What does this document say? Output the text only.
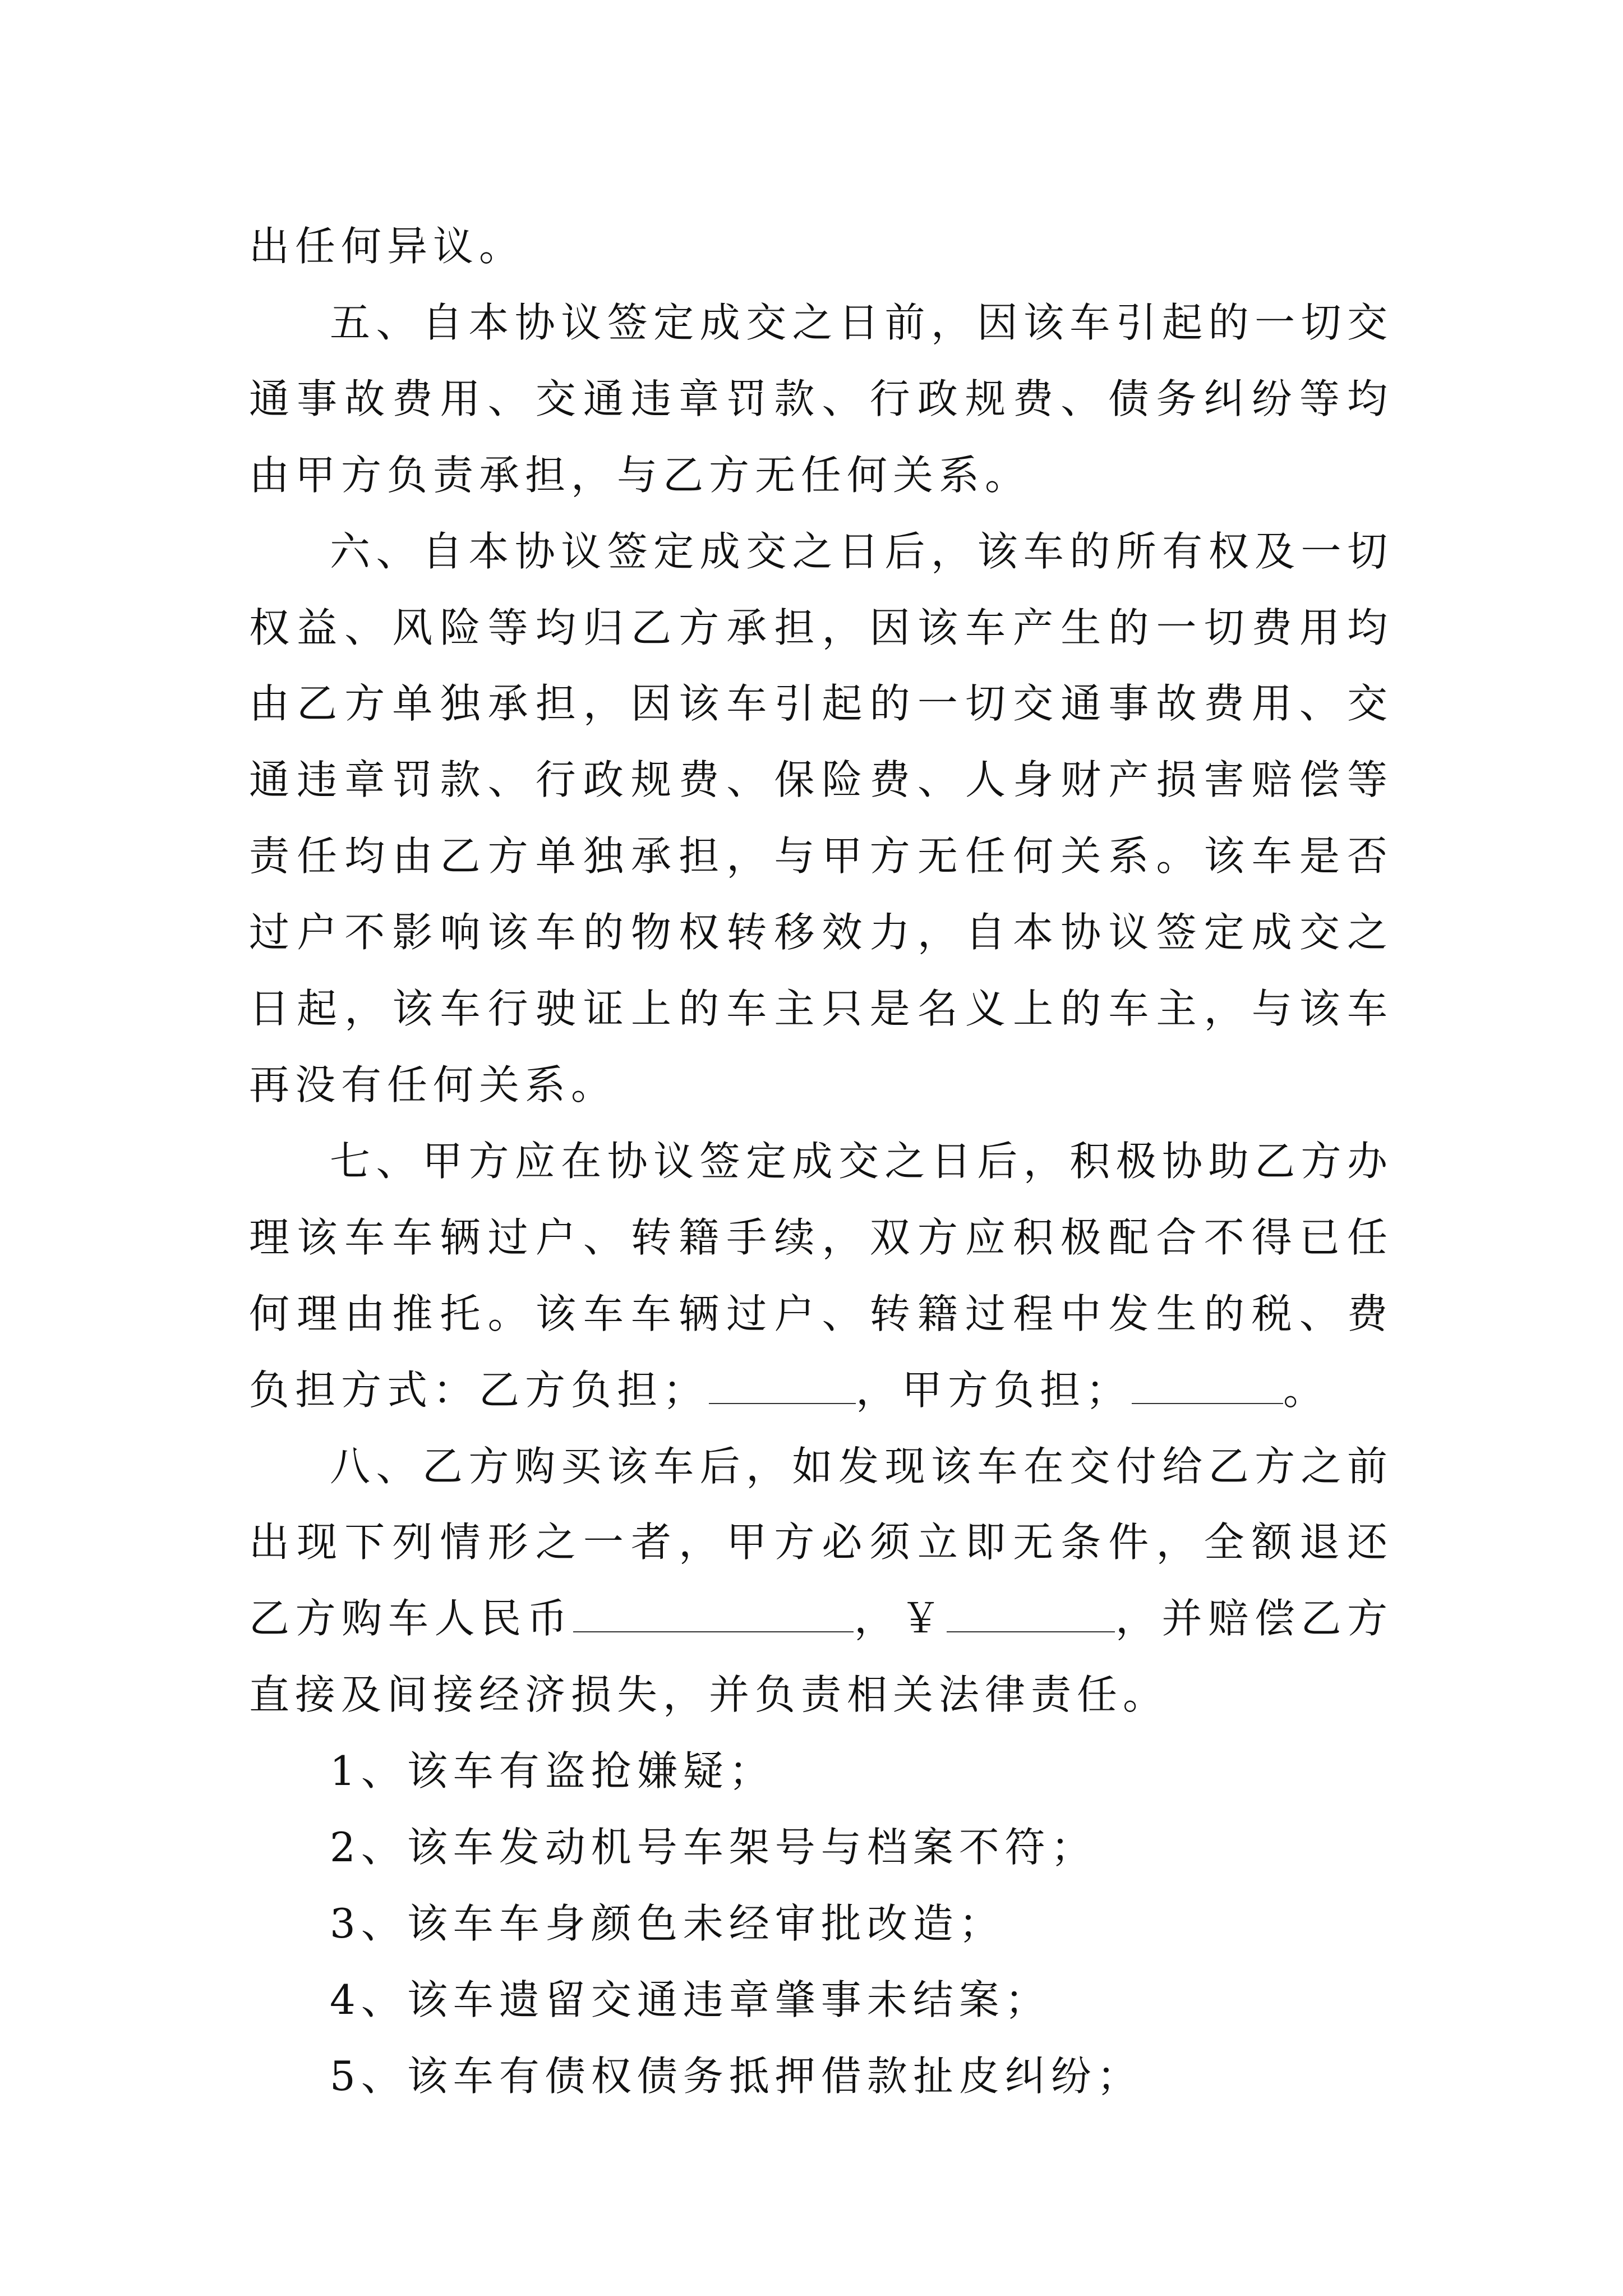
出任何异议。

五、自本协议签定成交之日前，因该车引起的一切交通事故费用、交通违章罚款、行政规费、债务纠纷等均由甲方负责承担，与乙方无任何关系。

六、自本协议签定成交之日后，该车的所有权及一切权益、风险等均归乙方承担，因该车产生的一切费用均由乙方单独承担，因该车引起的一切交通事故费用、交通违章罚款、行政规费、保险费、人身财产损害赔偿等责任均由乙方单独承担，与甲方无任何关系。该车是否过户不影响该车的物权转移效力，自本协议签定成交之日起，该车行驶证上的车主只是名义上的车主，与该车再没有任何关系。

七、甲方应在协议签定成交之日后，积极协助乙方办理该车车辆过户、转籍手续，双方应积极配合不得已任何理由推托。该车车辆过户、转籍过程中发生的税、费负担方式：乙方负担；	，甲方负担；	。

八、乙方购买该车后，如发现该车在交付给乙方之前出现下列情形之一者，甲方必须立即无条件，全额退还乙方购车人民币	，￥	，并赔偿乙方直接及间接经济损失，并负责相关法律责任。

1、该车有盗抢嫌疑；

2、该车发动机号车架号与档案不符；

3、该车车身颜色未经审批改造；

4、该车遗留交通违章肇事未结案；

5、该车有债权债务抵押借款扯皮纠纷；
